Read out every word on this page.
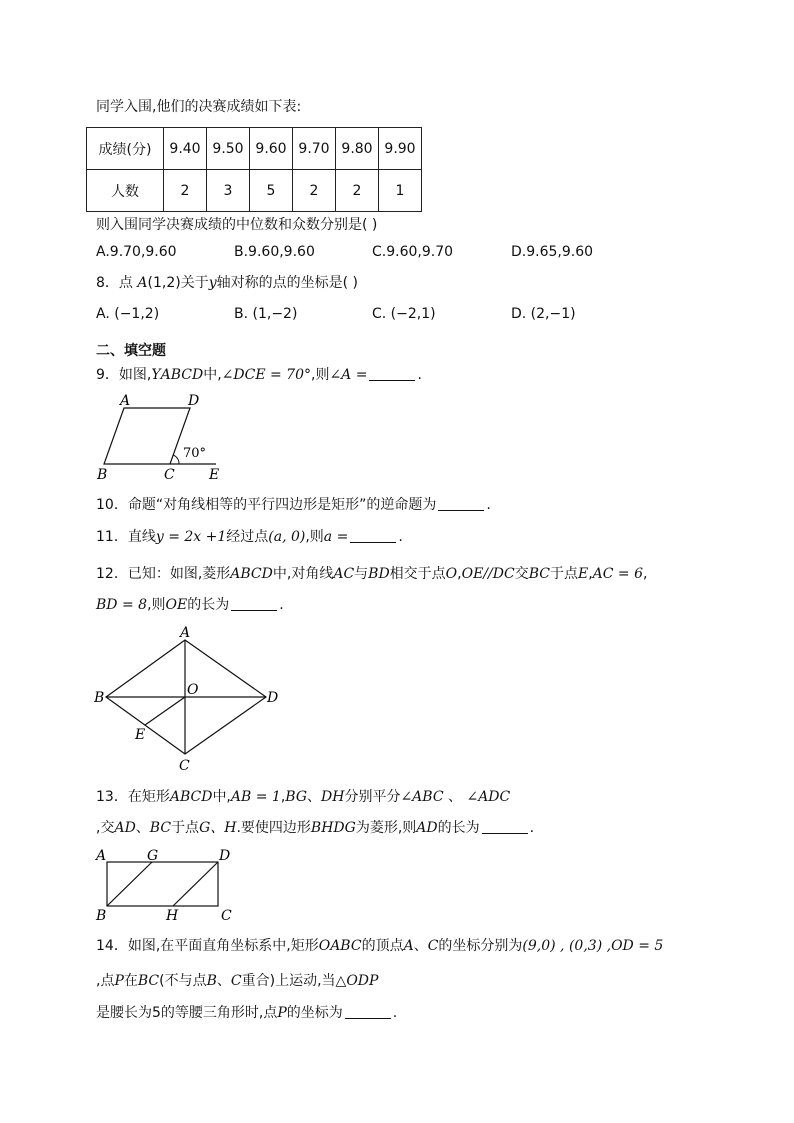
同学入围,他们的决赛成绩如下表:
成绩(分)	9.40	9.50	9.60	9.70	9.80	9.90
人数	2	3	5	2	2	1
则入围同学决赛成绩的中位数和众数分别是( )
A.9.70,9.60	B.9.60,9.60	C.9.60,9.70	D.9.65,9.60
8．点 A(1,2)关于y轴对称的点的坐标是( )
A. (−1,2)	B. (1,−2)	C. (−2,1)	D. (2,−1)
二、填空题
9．如图,ΥABCD中,∠DCE = 70°,则∠A =	.
A	D
B	C E
70°
10．命题“对角线相等的平行四边形是矩形”的逆命题为	.
11．直线y = 2x +1经过点(a, 0),则a =	.
12．已知：如图,菱形ABCD中,对角线AC与BD相交于点O,OE//DC交BC于点E,AC = 6,
BD = 8,则OE的长为	.
A
B	O	D
E
C
13．在矩形ABCD中,AB = 1,BG、DH分别平分∠ABC 、 ∠ADC
,交AD、BC于点G、H.要使四边形BHDG为菱形,则AD的长为	.
A	G	D
B	H	C
14．如图,在平面直角坐标系中,矩形OABC的顶点A、C的坐标分别为(9,0) , (0,3) ,OD = 5
,点P在BC(不与点B、C重合)上运动,当△ODP
是腰长为5的等腰三角形时,点P的坐标为	.
